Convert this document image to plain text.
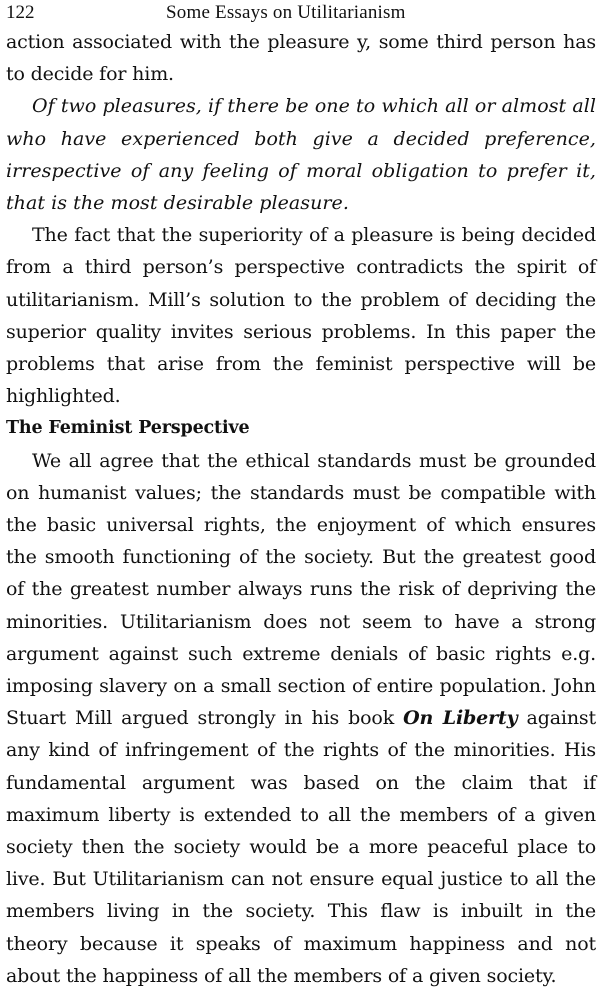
122	Some Essays on Utilitarianism

action associated with the pleasure y, some third person has to decide for him.

Of two pleasures, if there be one to which all or almost all who have experienced both give a decided preference, irrespective of any feeling of moral obligation to prefer it, that is the most desirable pleasure.

The fact that the superiority of a pleasure is being decided from a third person’s perspective contradicts the spirit of utilitarianism. Mill’s solution to the problem of deciding the superior quality invites serious problems. In this paper the problems that arise from the feminist perspective will be highlighted.

The Feminist Perspective

We all agree that the ethical standards must be grounded on humanist values; the standards must be compatible with the basic universal rights, the enjoyment of which ensures the smooth functioning of the society. But the greatest good of the greatest number always runs the risk of depriving the minorities. Utilitarianism does not seem to have a strong argument against such extreme denials of basic rights e.g. imposing slavery on a small section of entire population. John Stuart Mill argued strongly in his book On Liberty against any kind of infringement of the rights of the minorities. His fundamental argument was based on the claim that if maximum liberty is extended to all the members of a given society then the society would be a more peaceful place to live. But Utilitarianism can not ensure equal justice to all the members living in the society. This flaw is inbuilt in the theory because it speaks of maximum happiness and not about the happiness of all the members of a given society.
